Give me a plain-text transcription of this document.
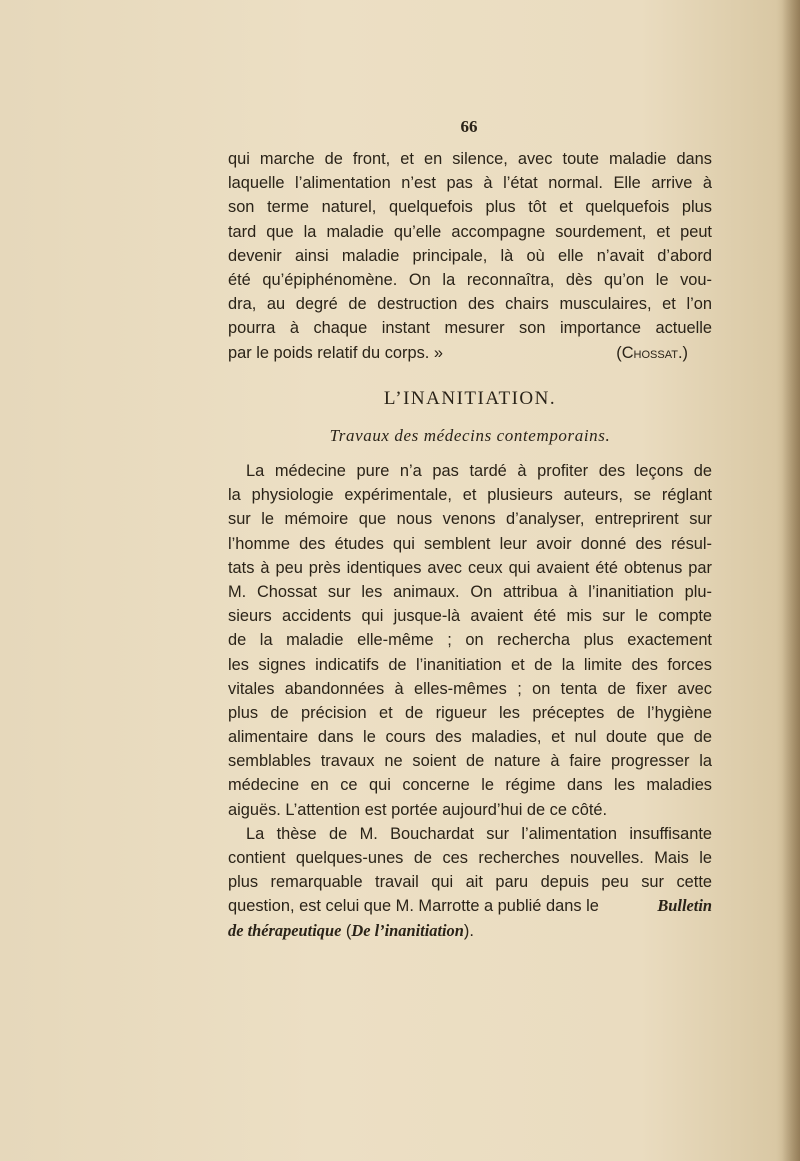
66
qui marche de front, et en silence, avec toute maladie dans
laquelle l’alimentation n’est pas à l’état normal. Elle arrive à
son terme naturel, quelquefois plus tôt et quelquefois plus
tard que la maladie qu’elle accompagne sourdement, et peut
devenir ainsi maladie principale, là où elle n’avait d’abord
été qu’épiphénomène. On la reconnaîtra, dès qu’on le vou-
dra, au degré de destruction des chairs musculaires, et l’on
pourra à chaque instant mesurer son importance actuelle
par le poids relatif du corps. »	(Chossat.)
L’INANITIATION.
Travaux des médecins contemporains.
La médecine pure n’a pas tardé à profiter des leçons de
la physiologie expérimentale, et plusieurs auteurs, se réglant
sur le mémoire que nous venons d’analyser, entreprirent sur
l’homme des études qui semblent leur avoir donné des résul-
tats à peu près identiques avec ceux qui avaient été obtenus par
M. Chossat sur les animaux. On attribua à l’inanitiation plu-
sieurs accidents qui jusque-là avaient été mis sur le compte
de la maladie elle-même ; on rechercha plus exactement
les signes indicatifs de l’inanitiation et de la limite des forces
vitales abandonnées à elles-mêmes ; on tenta de fixer avec
plus de précision et de rigueur les préceptes de l’hygiène
alimentaire dans le cours des maladies, et nul doute que de
semblables travaux ne soient de nature à faire progresser la
médecine en ce qui concerne le régime dans les maladies
aiguës. L’attention est portée aujourd’hui de ce côté.
La thèse de M. Bouchardat sur l’alimentation insuffisante
contient quelques-unes de ces recherches nouvelles. Mais le
plus remarquable travail qui ait paru depuis peu sur cette
question, est celui que M. Marrotte a publié dans le	Bulletin
de thérapeutique (De l’inanitiation).
